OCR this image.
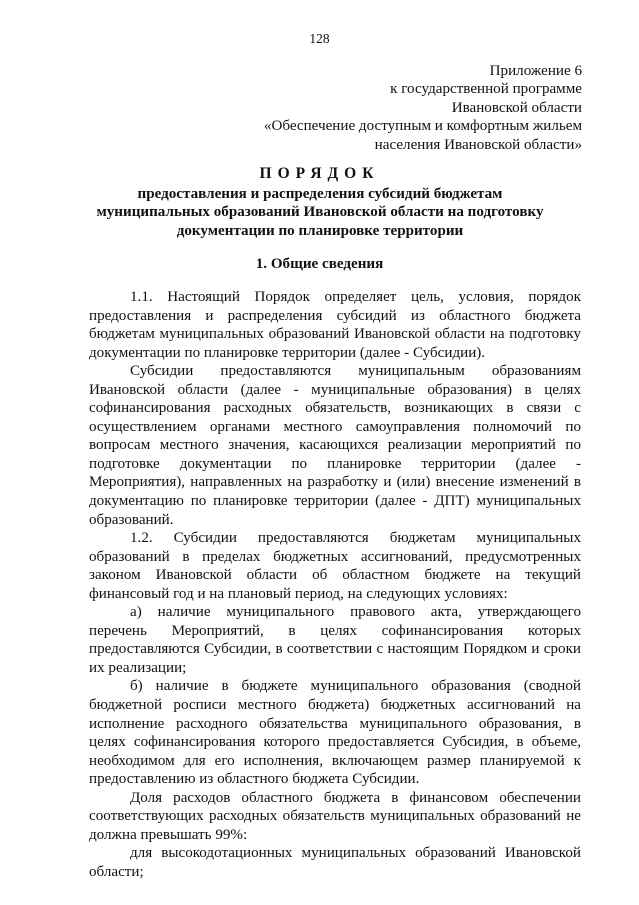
128
Приложение 6
к государственной программе
Ивановской области
«Обеспечение доступным и комфортным жильем
населения Ивановской области»
ПОРЯДОК
предоставления и распределения субсидий бюджетам
муниципальных образований Ивановской области на подготовку
документации по планировке территории
1. Общие сведения

1.1. Настоящий Порядок определяет цель, условия, порядок предоставления и распределения субсидий из областного бюджета бюджетам муниципальных образований Ивановской области на подготовку документации по планировке территории (далее - Субсидии).

Субсидии предоставляются муниципальным образованиям Ивановской области (далее - муниципальные образования) в целях софинансирования расходных обязательств, возникающих в связи с осуществлением органами местного самоуправления полномочий по вопросам местного значения, касающихся реализации мероприятий по подготовке документации по планировке территории (далее - Мероприятия), направленных на разработку и (или) внесение изменений в документацию по планировке территории (далее - ДПТ) муниципальных образований.

1.2. Субсидии предоставляются бюджетам муниципальных образований в пределах бюджетных ассигнований, предусмотренных законом Ивановской области об областном бюджете на текущий финансовый год и на плановый период, на следующих условиях:

а) наличие муниципального правового акта, утверждающего перечень Мероприятий, в целях софинансирования которых предоставляются Субсидии, в соответствии с настоящим Порядком и сроки их реализации;

б) наличие в бюджете муниципального образования (сводной бюджетной росписи местного бюджета) бюджетных ассигнований на исполнение расходного обязательства муниципального образования, в целях софинансирования которого предоставляется Субсидия, в объеме, необходимом для его исполнения, включающем размер планируемой к предоставлению из областного бюджета Субсидии.

Доля расходов областного бюджета в финансовом обеспечении соответствующих расходных обязательств муниципальных образований не должна превышать 99%:

для высокодотационных муниципальных образований Ивановской области;
